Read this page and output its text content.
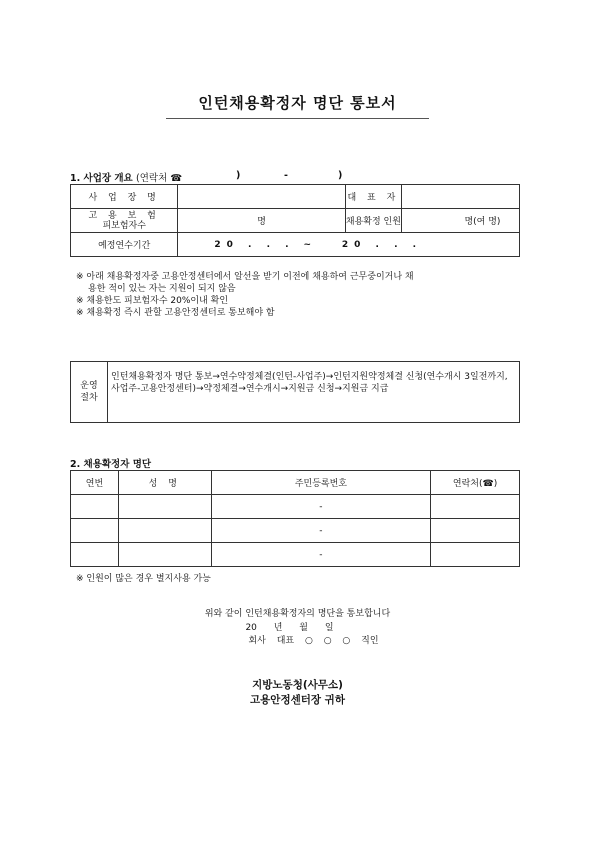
인턴채용확정자 명단 통보서
1. 사업장 개요 (연락처 ☎	)	-	)
사 업 장 명		대 표 자	

고 용 보 험
피보험자수	명	채용확정 인원	명(여 명)
예정연수기간	20 . . . ~ 20 . . .		
※ 아래 채용확정자중 고용안정센터에서 알선을 받기 이전에 채용하여 근무중이거나 채
용한 적이 있는 자는 지원이 되지 않음
※ 채용한도 피보험자수 20%이내 확인
※ 채용확정 즉시 관할 고용안정센터로 통보해야 함
운영
절차
인턴채용확정자 명단 통보→연수약정체결(인턴-사업주)→인턴지원약정체결 신청(연수개시 3일전까지, 사업주-고용안정센터)→약정체결→연수개시→지원금 신청→지원금 지급
2. 채용확정자 명단
연번	성 명	주민등록번호	연락처(☎)
		-	
		-	
		-	
※ 인원이 많은 경우 별지사용 가능
위와 같이 인턴채용확정자의 명단을 통보합니다
20 년 월 일
회사 대표 ○ ○ ○ 직인
지방노동청(사무소)
고용안정센터장 귀하
